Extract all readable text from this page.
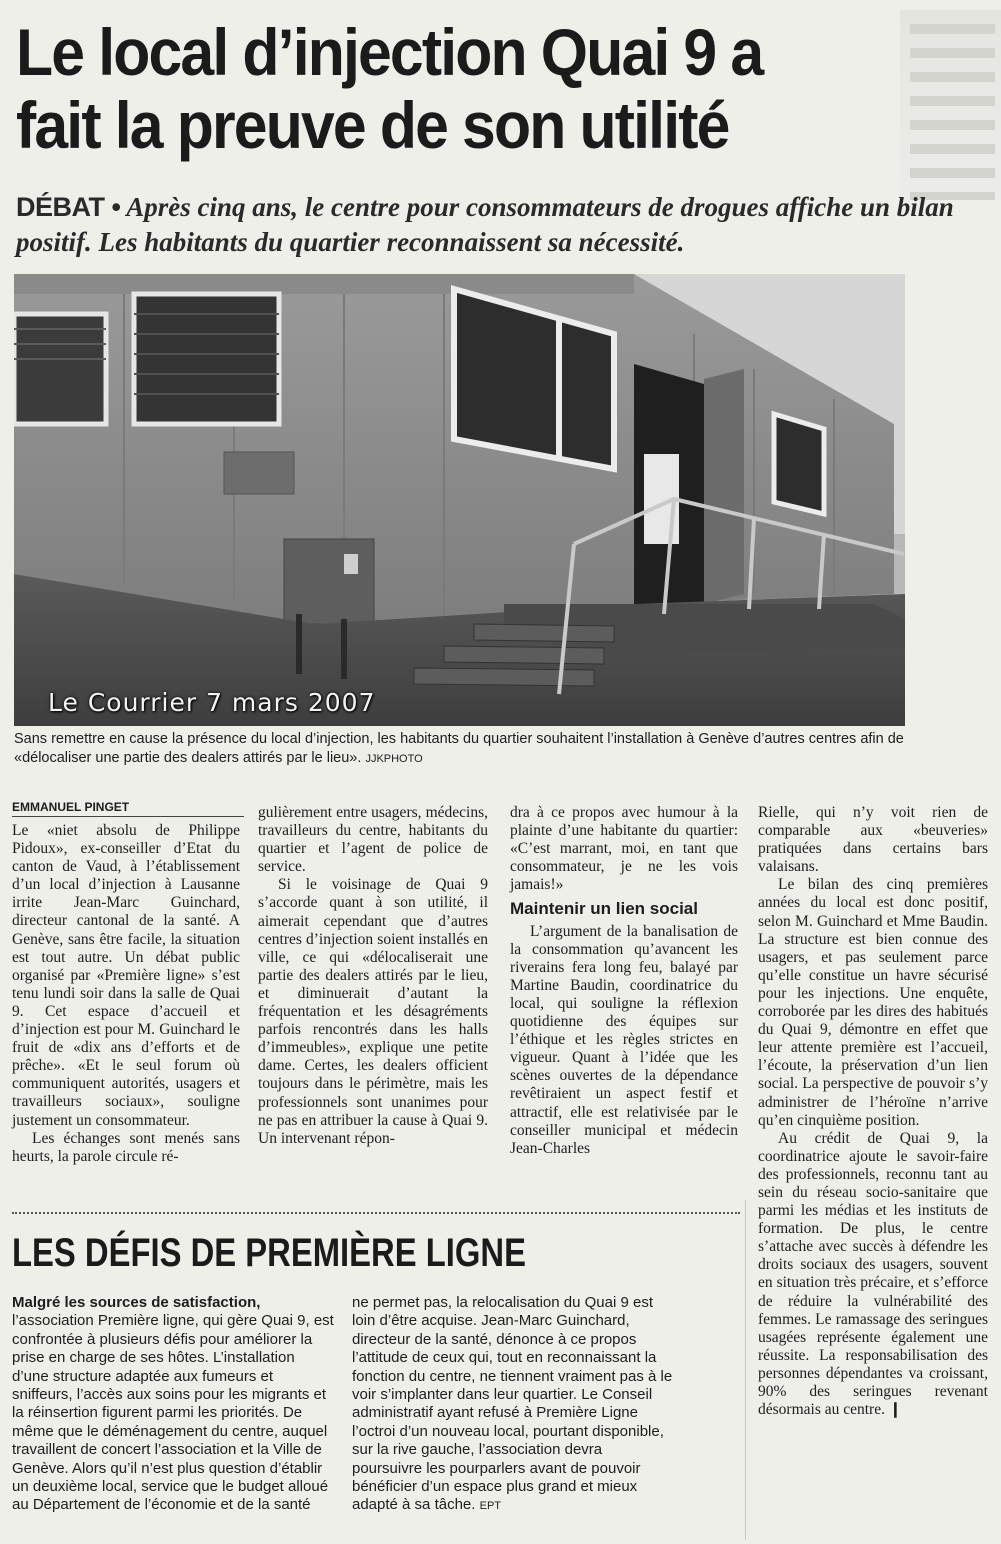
Le local d’injection Quai 9 a fait la preuve de son utilité

DÉBAT • Après cinq ans, le centre pour consommateurs de drogues affiche un bilan positif. Les habitants du quartier reconnaissent sa nécessité.

Le Courrier 7 mars 2007

Sans remettre en cause la présence du local d’injection, les habitants du quartier souhaitent l’installation à Genève d’autres centres afin de «délocaliser une partie des dealers attirés par le lieu». JJKPHOTO

EMMANUEL PINGET

Le «niet absolu de Philippe Pidoux», ex-conseiller d’Etat du canton de Vaud, à l’établissement d’un local d’injection à Lausanne irrite Jean-Marc Guinchard, directeur cantonal de la santé. A Genève, sans être facile, la situation est tout autre. Un débat public organisé par «Première ligne» s’est tenu lundi soir dans la salle de Quai 9. Cet espace d’accueil et d’injection est pour M. Guinchard le fruit de «dix ans d’efforts et de prêche». «Et le seul forum où communiquent autorités, usagers et travailleurs sociaux», souligne justement un consommateur.

Les échanges sont menés sans heurts, la parole circule ré-

gulièrement entre usagers, médecins, travailleurs du centre, habitants du quartier et l’agent de police de service.

Si le voisinage de Quai 9 s’accorde quant à son utilité, il aimerait cependant que d’autres centres d’injection soient installés en ville, ce qui «délocaliserait une partie des dealers attirés par le lieu, et diminuerait d’autant la fréquentation et les désagréments parfois rencontrés dans les halls d’immeubles», explique une petite dame. Certes, les dealers officient toujours dans le périmètre, mais les professionnels sont unanimes pour ne pas en attribuer la cause à Quai 9. Un intervenant répon-

dra à ce propos avec humour à la plainte d’une habitante du quartier: «C’est marrant, moi, en tant que consommateur, je ne les vois jamais!»

Maintenir un lien social

L’argument de la banalisation de la consommation qu’avancent les riverains fera long feu, balayé par Martine Baudin, coordinatrice du local, qui souligne la réflexion quotidienne des équipes sur l’éthique et les règles strictes en vigueur. Quant à l’idée que les scènes ouvertes de la dépendance revêtiraient un aspect festif et attractif, elle est relativisée par le conseiller municipal et médecin Jean-Charles

Rielle, qui n’y voit rien de comparable aux «beuveries» pratiquées dans certains bars valaisans.

Le bilan des cinq premières années du local est donc positif, selon M. Guinchard et Mme Baudin. La structure est bien connue des usagers, et pas seulement parce qu’elle constitue un havre sécurisé pour les injections. Une enquête, corroborée par les dires des habitués du Quai 9, démontre en effet que leur attente première est l’accueil, l’écoute, la préservation d’un lien social. La perspective de pouvoir s’y administrer de l’héroïne n’arrive qu’en cinquième position.

Au crédit de Quai 9, la coordinatrice ajoute le savoir-faire des professionnels, reconnu tant au sein du réseau socio-sanitaire que parmi les médias et les instituts de formation. De plus, le centre s’attache avec succès à défendre les droits sociaux des usagers, souvent en situation très précaire, et s’efforce de réduire la vulnérabilité des femmes. Le ramassage des seringues usagées représente également une réussite. La responsabilisation des personnes dépendantes va croissant, 90% des seringues revenant désormais au centre. ❙

LES DÉFIS DE PREMIÈRE LIGNE

Malgré les sources de satisfaction, l’association Première ligne, qui gère Quai 9, est confrontée à plusieurs défis pour améliorer la prise en charge de ses hôtes. L’installation d’une structure adaptée aux fumeurs et sniffeurs, l’accès aux soins pour les migrants et la réinsertion figurent parmi les priorités. De même que le déménagement du centre, auquel travaillent de concert l’association et la Ville de Genève. Alors qu’il n’est plus question d’établir un deuxième local, service que le budget alloué au Département de l’économie et de la santé

ne permet pas, la relocalisation du Quai 9 est loin d’être acquise. Jean-Marc Guinchard, directeur de la santé, dénonce à ce propos l’attitude de ceux qui, tout en reconnaissant la fonction du centre, ne tiennent vraiment pas à le voir s’implanter dans leur quartier. Le Conseil administratif ayant refusé à Première Ligne l’octroi d’un nouveau local, pourtant disponible, sur la rive gauche, l’association devra poursuivre les pourparlers avant de pouvoir bénéficier d’un espace plus grand et mieux adapté à sa tâche. EPT
